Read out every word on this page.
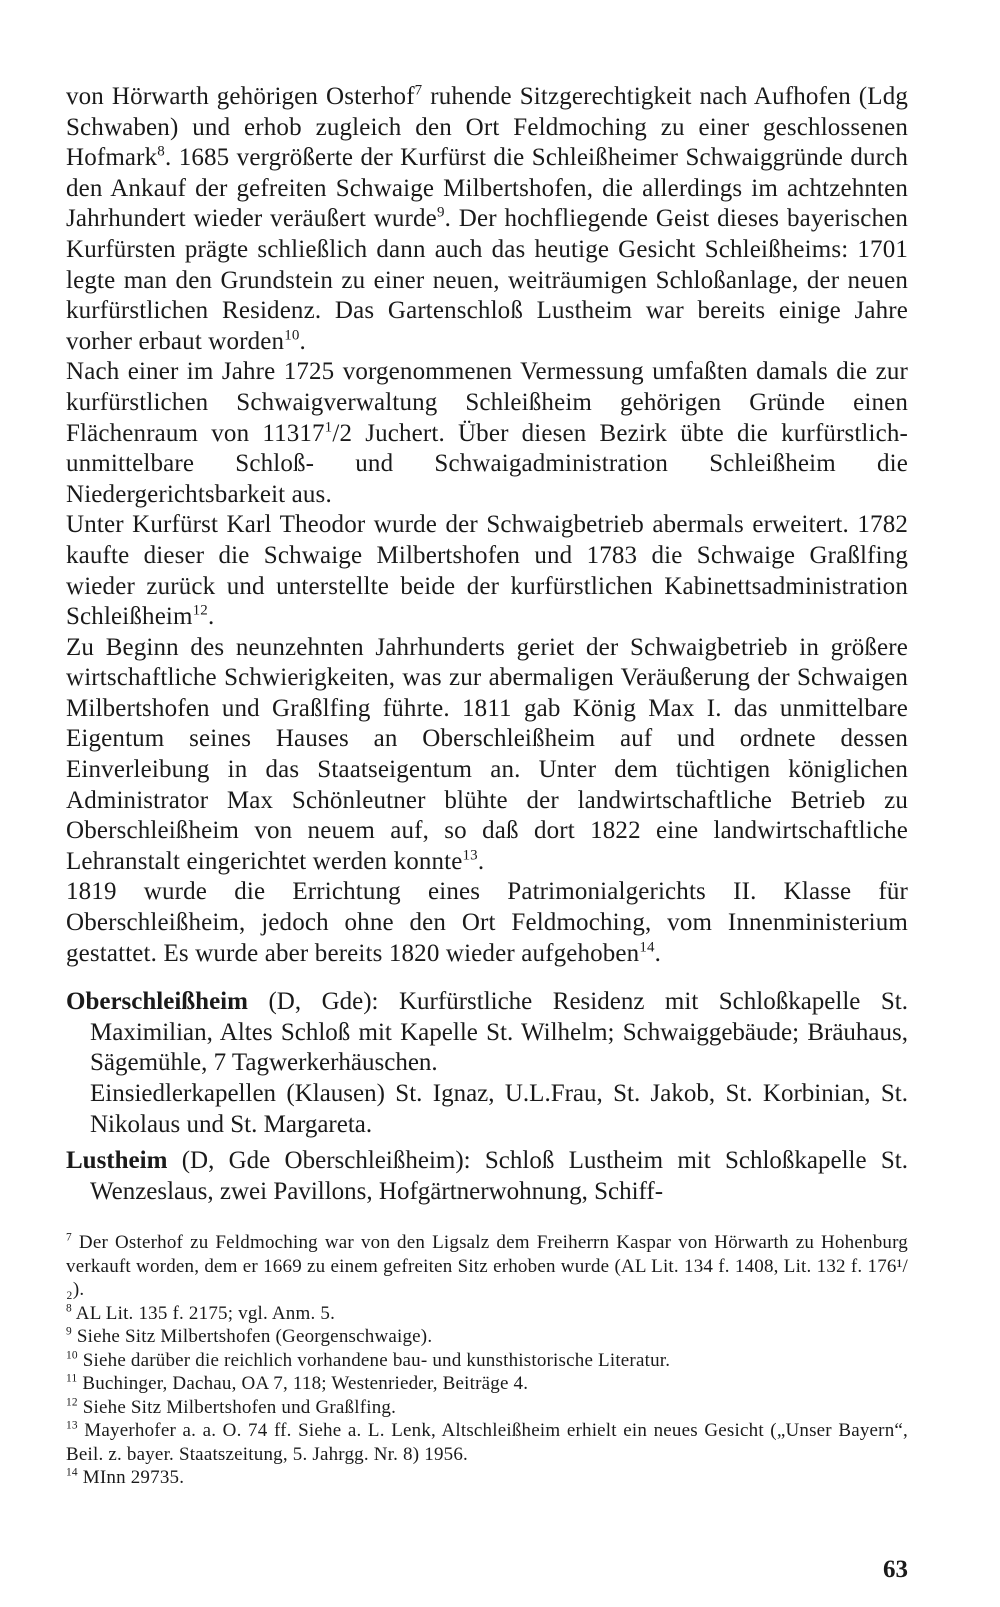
von Hörwarth gehörigen Osterhof$^7$ ruhende Sitzgerechtigkeit nach Aufhofen (Ldg Schwaben) und erhob zugleich den Ort Feldmoching zu einer geschlossenen Hofmark$^8$. 1685 vergrößerte der Kurfürst die Schleißheimer Schwaiggründe durch den Ankauf der gefreiten Schwaige Milbertshofen, die allerdings im achtzehnten Jahrhundert wieder veräußert wurde$^9$. Der hochfliegende Geist dieses bayerischen Kurfürsten prägte schließlich dann auch das heutige Gesicht Schleißheims: 1701 legte man den Grundstein zu einer neuen, weiträumigen Schloßanlage, der neuen kurfürstlichen Residenz. Das Gartenschloß Lustheim war bereits einige Jahre vorher erbaut worden$^{10}$.

Nach einer im Jahre 1725 vorgenommenen Vermessung umfaßten damals die zur kurfürstlichen Schwaigverwaltung Schleißheim gehörigen Gründe einen Flächenraum von 11317$^1$/2 Juchert. Über diesen Bezirk übte die kurfürstlich-unmittelbare Schloß- und Schwaigadministration Schleißheim die Niedergerichtsbarkeit aus.

Unter Kurfürst Karl Theodor wurde der Schwaigbetrieb abermals erweitert. 1782 kaufte dieser die Schwaige Milbertshofen und 1783 die Schwaige Graßlfing wieder zurück und unterstellte beide der kurfürstlichen Kabinettsadministration Schleißheim$^{12}$.

Zu Beginn des neunzehnten Jahrhunderts geriet der Schwaigbetrieb in größere wirtschaftliche Schwierigkeiten, was zur abermaligen Veräußerung der Schwaigen Milbertshofen und Graßlfing führte. 1811 gab König Max I. das unmittelbare Eigentum seines Hauses an Oberschleißheim auf und ordnete dessen Einverleibung in das Staatseigentum an. Unter dem tüchtigen königlichen Administrator Max Schönleutner blühte der landwirtschaftliche Betrieb zu Oberschleißheim von neuem auf, so daß dort 1822 eine landwirtschaftliche Lehranstalt eingerichtet werden konnte$^{13}$.

1819 wurde die Errichtung eines Patrimonialgerichts II. Klasse für Oberschleißheim, jedoch ohne den Ort Feldmoching, vom Innenministerium gestattet. Es wurde aber bereits 1820 wieder aufgehoben$^{14}$.

Oberschleißheim (D, Gde): Kurfürstliche Residenz mit Schloßkapelle St. Maximilian, Altes Schloß mit Kapelle St. Wilhelm; Schwaiggebäude; Bräuhaus, Sägemühle, 7 Tagwerkerhäuschen.
Einsiedlerkapellen (Klausen) St. Ignaz, U.L.Frau, St. Jakob, St. Korbinian, St. Nikolaus und St. Margareta.

Lustheim (D, Gde Oberschleißheim): Schloß Lustheim mit Schloßkapelle St. Wenzeslaus, zwei Pavillons, Hofgärtnerwohnung, Schiff-

$^7$ Der Osterhof zu Feldmoching war von den Ligsalz dem Freiherrn Kaspar von Hörwarth zu Hohenburg verkauft worden, dem er 1669 zu einem gefreiten Sitz erhoben wurde (AL Lit. 134 f. 1408, Lit. 132 f. 176¹/₂).

$^8$ AL Lit. 135 f. 2175; vgl. Anm. 5.

$^9$ Siehe Sitz Milbertshofen (Georgenschwaige).

$^{10}$ Siehe darüber die reichlich vorhandene bau- und kunsthistorische Literatur.

$^{11}$ Buchinger, Dachau, OA 7, 118; Westenrieder, Beiträge 4.

$^{12}$ Siehe Sitz Milbertshofen und Graßlfing.

$^{13}$ Mayerhofer a. a. O. 74 ff. Siehe a. L. Lenk, Altschleißheim erhielt ein neues Gesicht („Unser Bayern“, Beil. z. bayer. Staatszeitung, 5. Jahrgg. Nr. 8) 1956.

$^{14}$ MInn 29735.

63
